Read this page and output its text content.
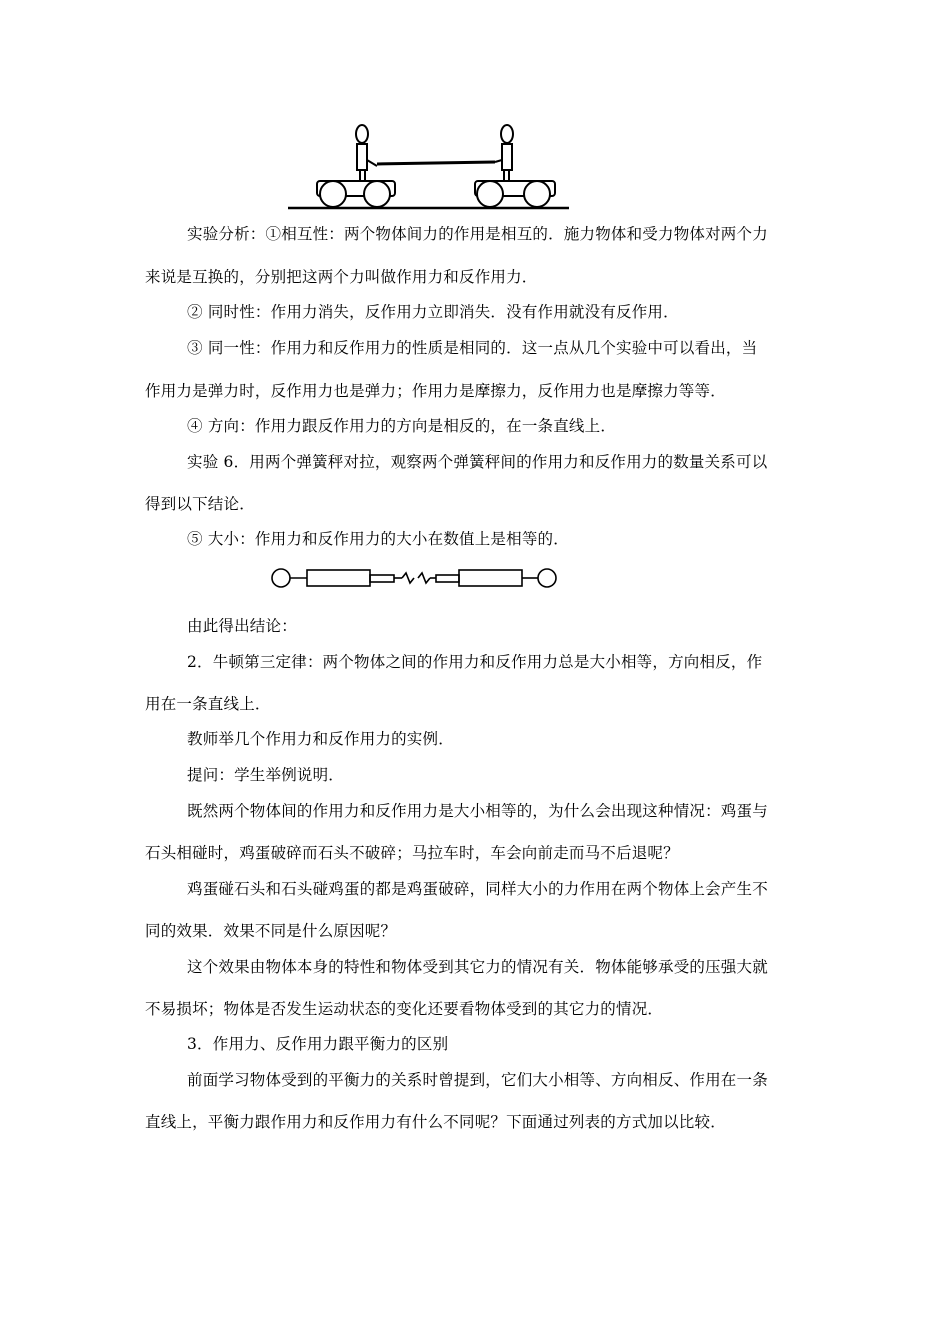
实验分析：①相互性：两个物体间力的作用是相互的．施力物体和受力物体对两个力
来说是互换的，分别把这两个力叫做作用力和反作用力．
② 同时性：作用力消失，反作用力立即消失．没有作用就没有反作用．
③ 同一性：作用力和反作用力的性质是相同的．这一点从几个实验中可以看出，当
作用力是弹力时，反作用力也是弹力；作用力是摩擦力，反作用力也是摩擦力等等．
④ 方向：作用力跟反作用力的方向是相反的，在一条直线上．
实验 6．用两个弹簧秤对拉，观察两个弹簧秤间的作用力和反作用力的数量关系可以
得到以下结论．
⑤ 大小：作用力和反作用力的大小在数值上是相等的．
由此得出结论：
2．牛顿第三定律：两个物体之间的作用力和反作用力总是大小相等，方向相反，作
用在一条直线上．
教师举几个作用力和反作用力的实例．
提问：学生举例说明．
既然两个物体间的作用力和反作用力是大小相等的，为什么会出现这种情况：鸡蛋与
石头相碰时，鸡蛋破碎而石头不破碎；马拉车时，车会向前走而马不后退呢？
鸡蛋碰石头和石头碰鸡蛋的都是鸡蛋破碎，同样大小的力作用在两个物体上会产生不
同的效果．效果不同是什么原因呢？
这个效果由物体本身的特性和物体受到其它力的情况有关．物体能够承受的压强大就
不易损坏；物体是否发生运动状态的变化还要看物体受到的其它力的情况．
3．作用力、反作用力跟平衡力的区别
前面学习物体受到的平衡力的关系时曾提到，它们大小相等、方向相反、作用在一条
直线上，平衡力跟作用力和反作用力有什么不同呢？下面通过列表的方式加以比较．
